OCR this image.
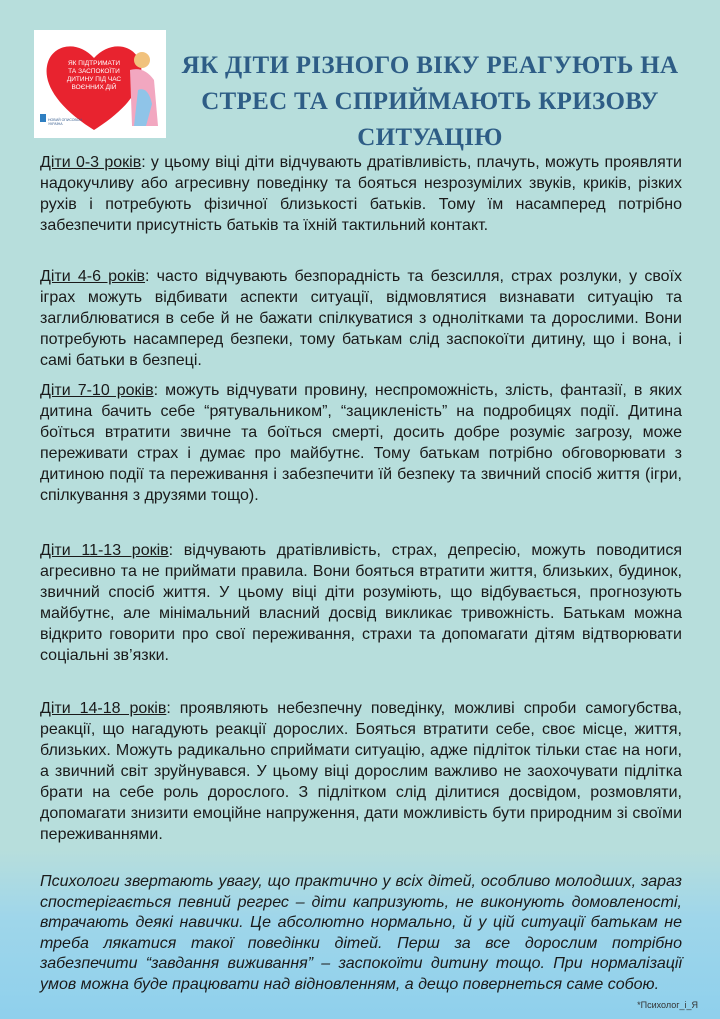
ЯК ПІДТРИМАТИ ТА ЗАСПОКОЇТИ ДИТИНУ ПІД ЧАС ВОЄННИХ ДІЙ
НОВИЙ ОПИСОВОН УКРАЇНА
ЯК ДІТИ РІЗНОГО ВІКУ РЕАГУЮТЬ НА СТРЕС ТА СПРИЙМАЮТЬ КРИЗОВУ СИТУАЦІЮ

Діти 0-3 років: у цьому віці діти відчувають дратівливість, плачуть, можуть проявляти надокучливу або агресивну поведінку та бояться незрозумілих звуків, криків, різких рухів і потребують фізичної близькості батьків. Тому їм насамперед потрібно забезпечити присутність батьків та їхній тактильний контакт.

Діти 4-6 років: часто відчувають безпорадність та безсилля, страх розлуки, у своїх іграх можуть відбивати аспекти ситуації, відмовлятися визнавати ситуацію та заглиблюватися в себе й не бажати спілкуватися з однолітками та дорослими. Вони потребують насамперед безпеки, тому батькам слід заспокоїти дитину, що і вона, і самі батьки в безпеці.

Діти 7-10 років: можуть відчувати провину, неспроможність, злість, фантазії, в яких дитина бачить себе “рятувальником”, “зацикленість” на подробицях події. Дитина боїться втратити звичне та боїться смерті, досить добре розуміє загрозу, може переживати страх і думає про майбутнє. Тому батькам потрібно обговорювати з дитиною події та переживання і забезпечити їй безпеку та звичний спосіб життя (ігри, спілкування з друзями тощо).

Діти 11-13 років: відчувають дратівливість, страх, депресію, можуть поводитися агресивно та не приймати правила. Вони бояться втратити життя, близьких, будинок, звичний спосіб життя. У цьому віці діти розуміють, що відбувається, прогнозують майбутнє, але мінімальний власний досвід викликає тривожність. Батькам можна відкрито говорити про свої переживання, страхи та допомагати дітям відтворювати соціальні зв’язки.

Діти 14-18 років: проявляють небезпечну поведінку, можливі спроби самогубства, реакції, що нагадують реакції дорослих. Бояться втратити себе, своє місце, життя, близьких. Можуть радикально сприймати ситуацію, адже підліток тільки стає на ноги, а звичний світ зруйнувався. У цьому віці дорослим важливо не заохочувати підлітка брати на себе роль дорослого. З підлітком слід ділитися досвідом, розмовляти, допомагати знизити емоційне напруження, дати можливість бути природним зі своїми переживаннями.

Психологи звертають увагу, що практично у всіх дітей, особливо молодших, зараз спостерігається певний регрес – діти капризують, не виконують домовленості, втрачають деякі навички. Це абсолютно нормально, й у цій ситуації батькам не треба лякатися такої поведінки дітей. Перш за все дорослим потрібно забезпечити “завдання виживання” – заспокоїти дитину тощо. При нормалізації умов можна буде працювати над відновленням, а дещо повернеться саме собою.

*Психолог_і_Я
